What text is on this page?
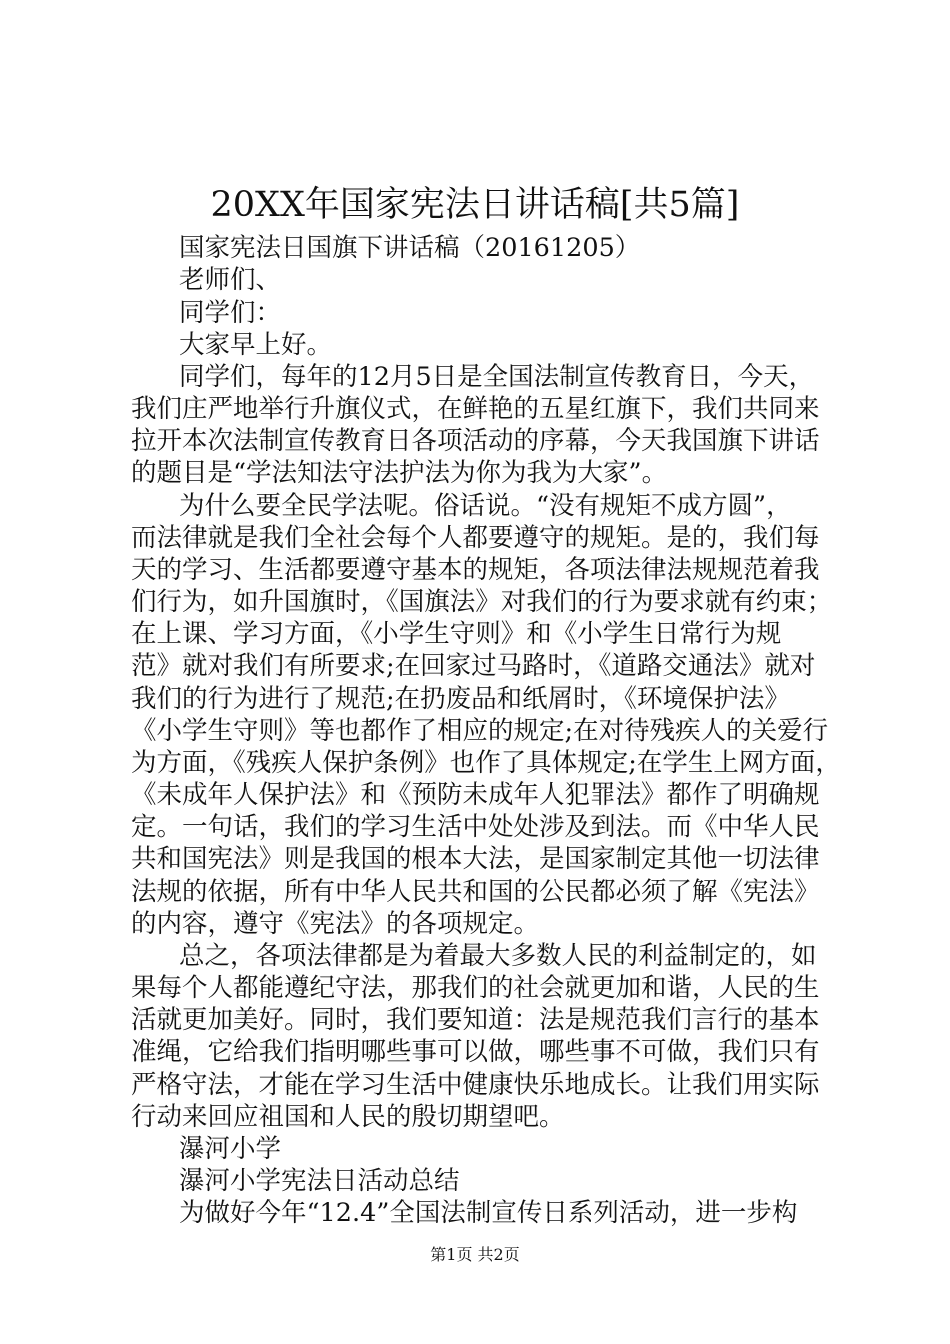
20XX年国家宪法日讲话稿[共5篇]
国家宪法日国旗下讲话稿（20161205）
老师们、
同学们：
大家早上好。
同学们，每年的12月5日是全国法制宣传教育日，今天，
我们庄严地举行升旗仪式，在鲜艳的五星红旗下，我们共同来
拉开本次法制宣传教育日各项活动的序幕，今天我国旗下讲话
的题目是“学法知法守法护法为你为我为大家”。
为什么要全民学法呢。俗话说。“没有规矩不成方圆”，
而法律就是我们全社会每个人都要遵守的规矩。是的，我们每
天的学习、生活都要遵守基本的规矩，各项法律法规规范着我
们行为，如升国旗时，《国旗法》对我们的行为要求就有约束；
在上课、学习方面，《小学生守则》和《小学生日常行为规
范》就对我们有所要求;在回家过马路时，《道路交通法》就对
我们的行为进行了规范;在扔废品和纸屑时，《环境保护法》
《小学生守则》等也都作了相应的规定;在对待残疾人的关爱行
为方面，《残疾人保护条例》也作了具体规定;在学生上网方面，
《未成年人保护法》和《预防未成年人犯罪法》都作了明确规
定。一句话，我们的学习生活中处处涉及到法。而《中华人民
共和国宪法》则是我国的根本大法，是国家制定其他一切法律
法规的依据，所有中华人民共和国的公民都必须了解《宪法》
的内容，遵守《宪法》的各项规定。
总之，各项法律都是为着最大多数人民的利益制定的，如
果每个人都能遵纪守法，那我们的社会就更加和谐，人民的生
活就更加美好。同时，我们要知道：法是规范我们言行的基本
准绳，它给我们指明哪些事可以做，哪些事不可做，我们只有
严格守法，才能在学习生活中健康快乐地成长。让我们用实际
行动来回应祖国和人民的殷切期望吧。
瀑河小学
瀑河小学宪法日活动总结
为做好今年“12.4”全国法制宣传日系列活动，进一步构
第1页 共2页
